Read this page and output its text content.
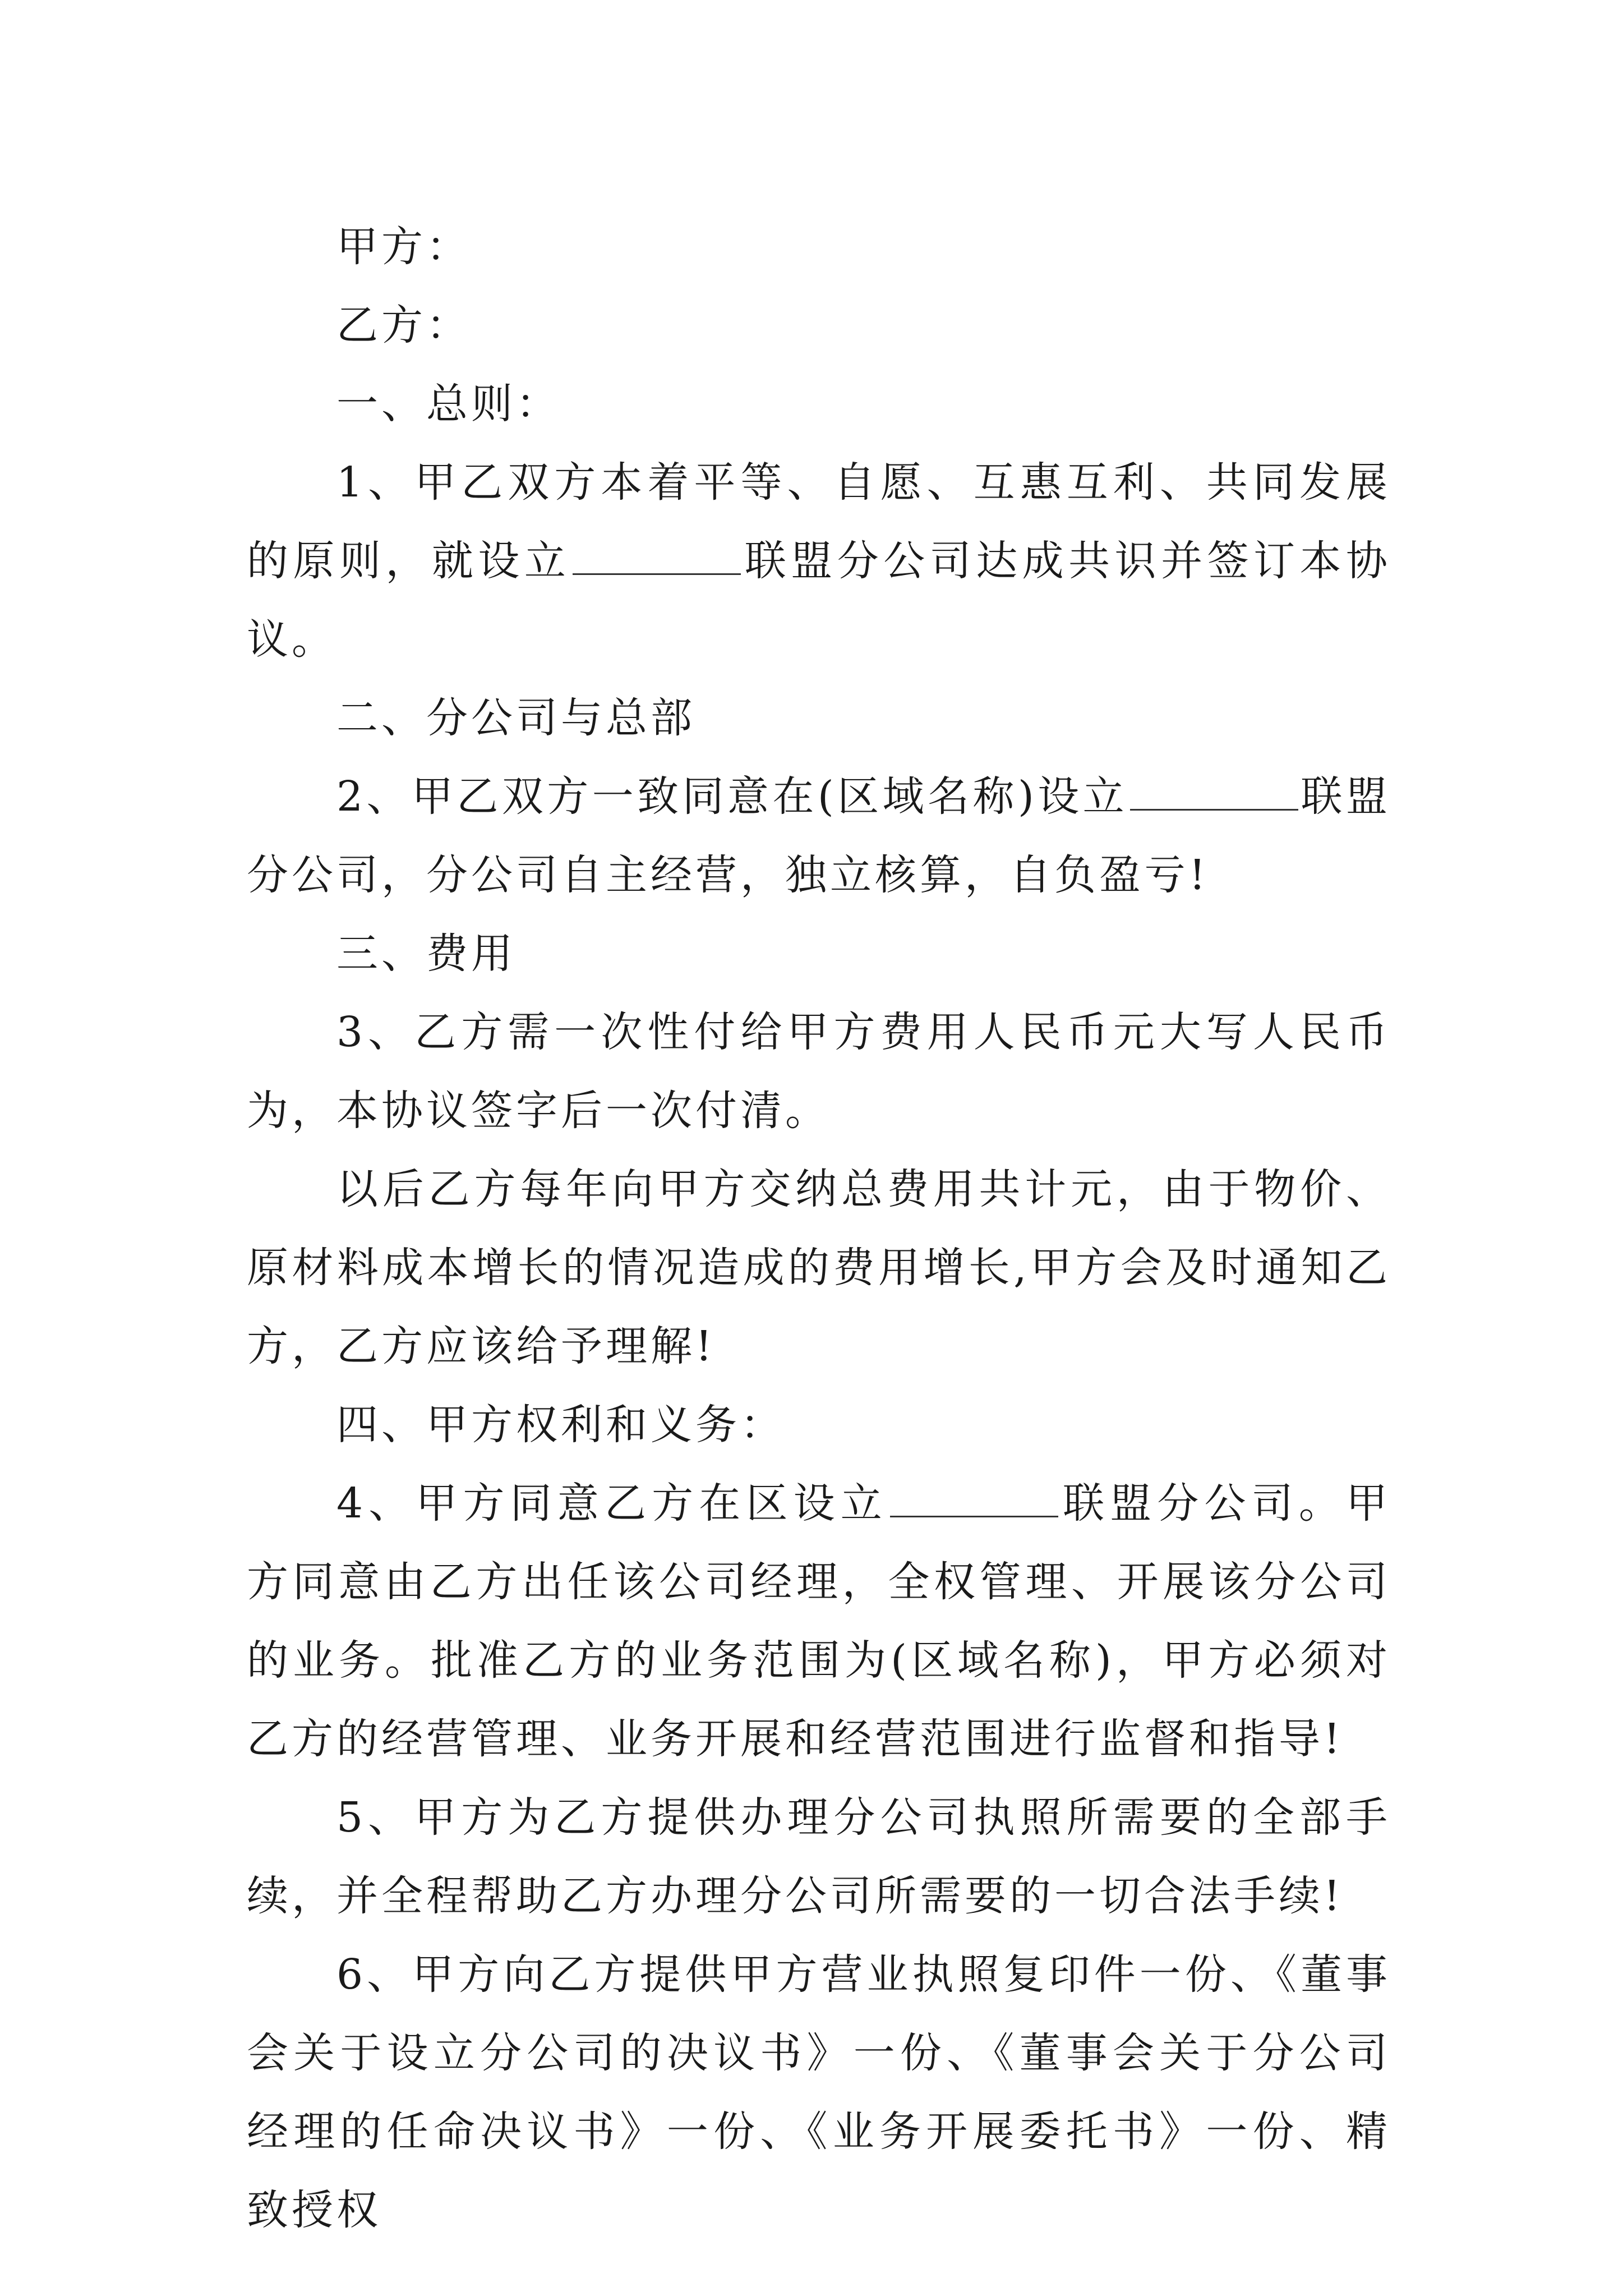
甲方：

乙方：

一、总则：

1、甲乙双方本着平等、自愿、互惠互利、共同发展的原则，就设立	联盟分公司达成共识并签订本协议。

二、分公司与总部

2、甲乙双方一致同意在(区域名称)设立	联盟分公司，分公司自主经营，独立核算，自负盈亏!

三、费用

3、乙方需一次性付给甲方费用人民币元大写人民币为，本协议签字后一次付清。

以后乙方每年向甲方交纳总费用共计元，由于物价、原材料成本增长的情况造成的费用增长,甲方会及时通知乙方，乙方应该给予理解!

四、甲方权利和义务：

4、甲方同意乙方在区设立	联盟分公司。甲方同意由乙方出任该公司经理，全权管理、开展该分公司的业务。批准乙方的业务范围为(区域名称)，甲方必须对乙方的经营管理、业务开展和经营范围进行监督和指导!

5、甲方为乙方提供办理分公司执照所需要的全部手续，并全程帮助乙方办理分公司所需要的一切合法手续!

6、甲方向乙方提供甲方营业执照复印件一份、《董事会关于设立分公司的决议书》一份、《董事会关于分公司经理的任命决议书》一份、《业务开展委托书》一份、精致授权
